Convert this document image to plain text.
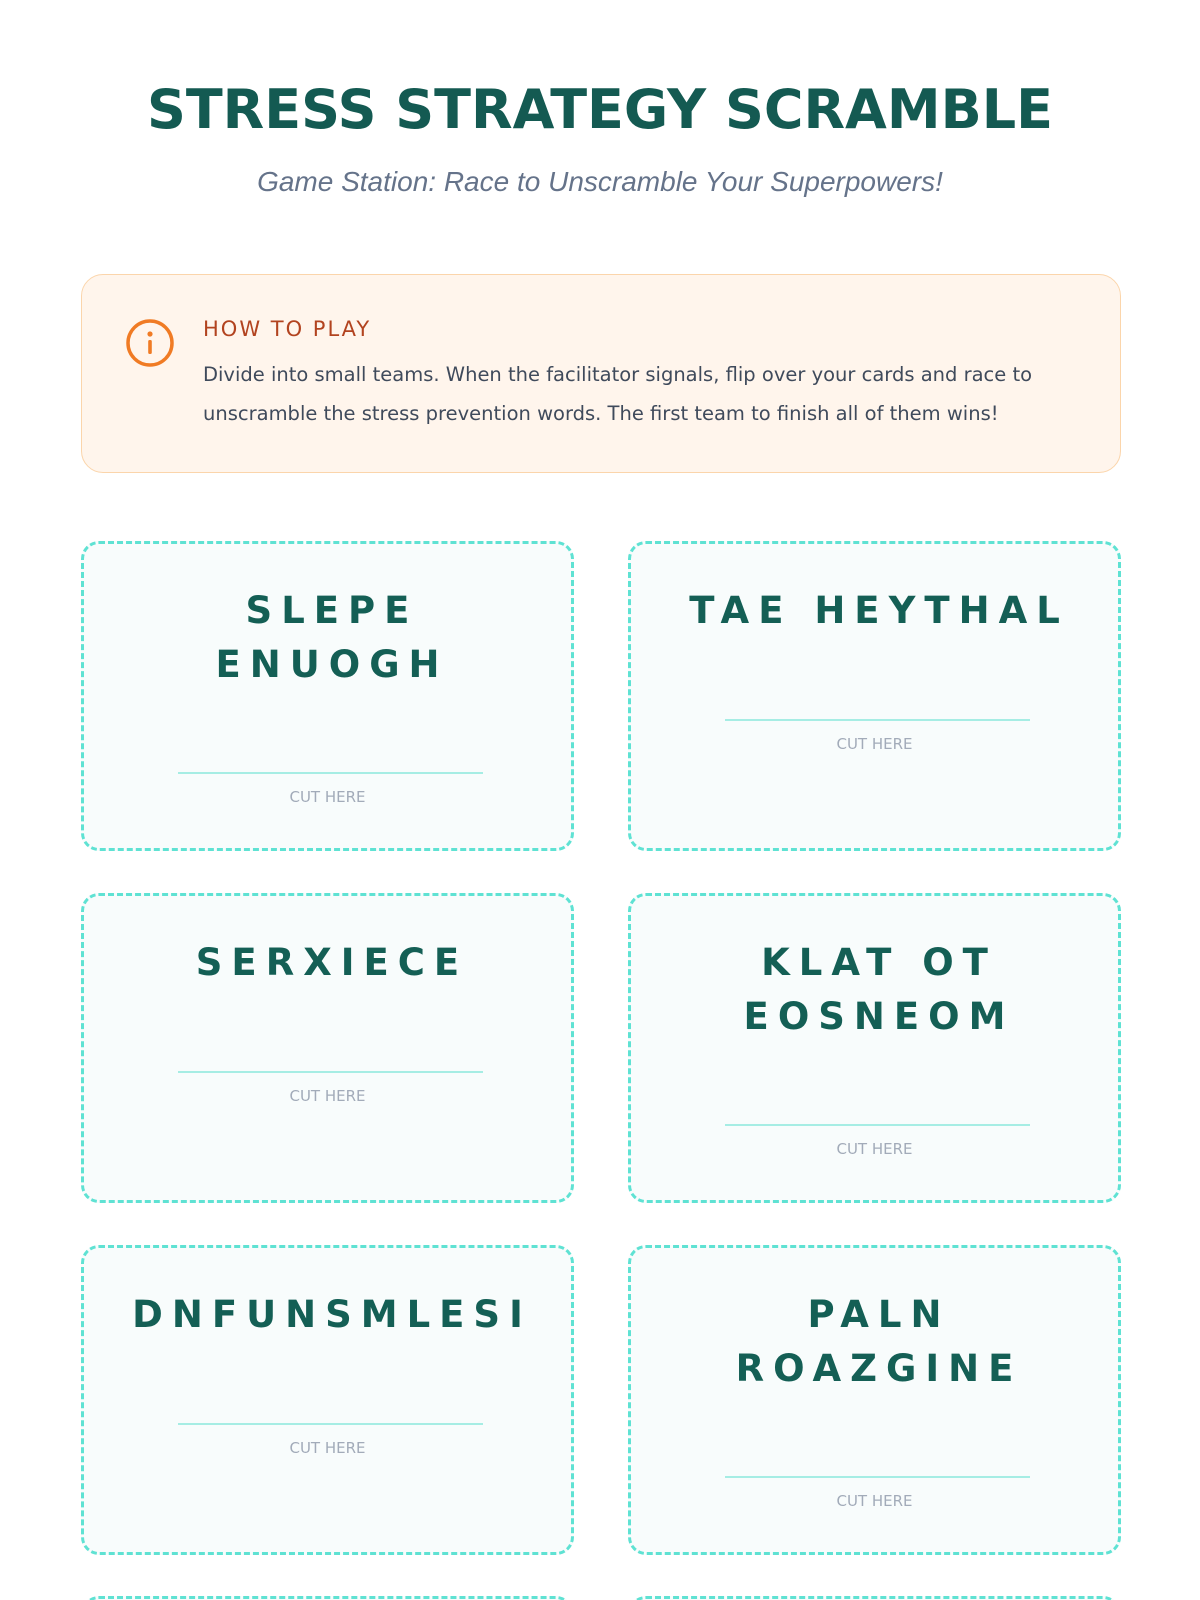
STRESS STRATEGY SCRAMBLE
Game Station: Race to Unscramble Your Superpowers!
HOW TO PLAY
Divide into small teams. When the facilitator signals, flip over your cards and race to unscramble the stress prevention words. The first team to finish all of them wins!
SLEPE
ENUOGH
CUT HERE
TAE HEYTHAL
CUT HERE
SERXIECE
CUT HERE
KLAT OT
EOSNEOM
CUT HERE
DNFUNSMLESI
CUT HERE
PALN
ROAZGINE
CUT HERE
